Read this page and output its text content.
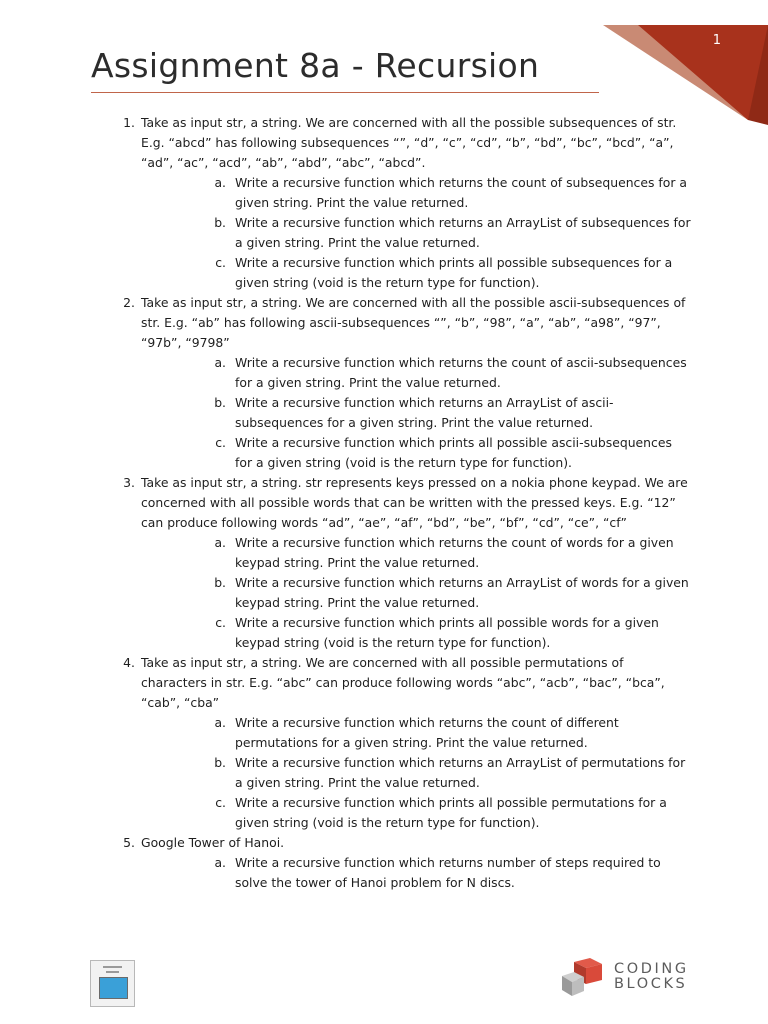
1
Assignment 8a - Recursion
1. Take as input str, a string. We are concerned with all the possible subsequences of str. E.g. “abcd” has following subsequences “”, “d”, “c”, “cd”, “b”, “bd”, “bc”, “bcd”, “a”, “ad”, “ac”, “acd”, “ab”, “abd”, “abc”, “abcd”.
a. Write a recursive function which returns the count of subsequences for a given string. Print the value returned.
b. Write a recursive function which returns an ArrayList of subsequences for a given string. Print the value returned.
c. Write a recursive function which prints all possible subsequences for a given string (void is the return type for function).
2. Take as input str, a string. We are concerned with all the possible ascii-subsequences of str. E.g. “ab” has following ascii-subsequences “”, “b”, “98”, “a”, “ab”, “a98”, “97”, “97b”, “9798”
a. Write a recursive function which returns the count of ascii-subsequences for a given string. Print the value returned.
b. Write a recursive function which returns an ArrayList of ascii-subsequences for a given string. Print the value returned.
c. Write a recursive function which prints all possible ascii-subsequences for a given string (void is the return type for function).
3. Take as input str, a string. str represents keys pressed on a nokia phone keypad. We are concerned with all possible words that can be written with the pressed keys. E.g. “12” can produce following words “ad”, “ae”, “af”, “bd”, “be”, “bf”, “cd”, “ce”, “cf”
a. Write a recursive function which returns the count of words for a given keypad string. Print the value returned.
b. Write a recursive function which returns an ArrayList of words for a given keypad string. Print the value returned.
c. Write a recursive function which prints all possible words for a given keypad string (void is the return type for function).
4. Take as input str, a string. We are concerned with all possible permutations of characters in str. E.g. “abc” can produce following words “abc”, “acb”, “bac”, “bca”, “cab”, “cba”
a. Write a recursive function which returns the count of different permutations for a given string. Print the value returned.
b. Write a recursive function which returns an ArrayList of permutations for a given string. Print the value returned.
c. Write a recursive function which prints all possible permutations for a given string (void is the return type for function).
5. Google Tower of Hanoi.
a. Write a recursive function which returns number of steps required to solve the tower of Hanoi problem for N discs.
CODING
BLOCKS
